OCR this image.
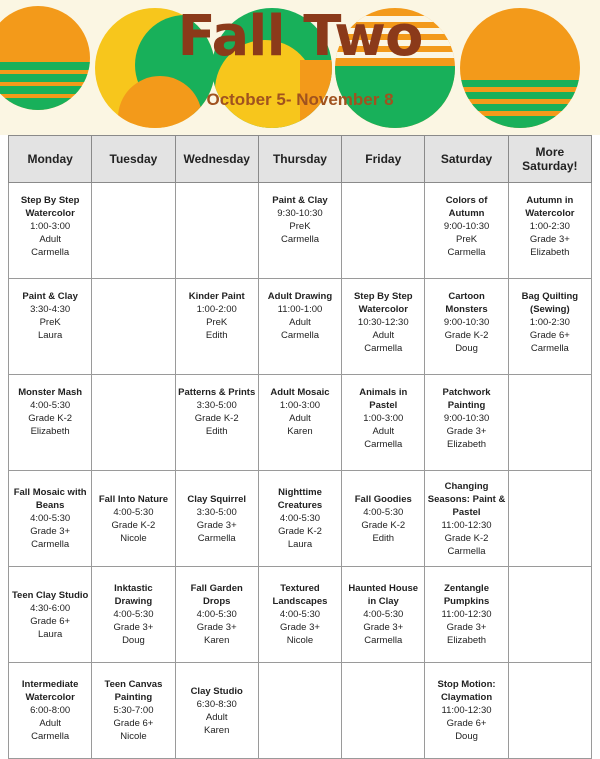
Fall Two

October 5- November 8

Monday	Tuesday	Wednesday	Thursday	Friday	Saturday	More Saturday!

Step By Step Watercolor
1:00-3:00
Adult
Carmella			Paint & Clay
9:30-10:30
PreK
Carmella		Colors of Autumn
9:00-10:30
PreK
Carmella	Autumn in Watercolor
1:00-2:30
Grade 3+
Elizabeth

Paint & Clay
3:30-4:30
PreK
Laura		Kinder Paint
1:00-2:00
PreK
Edith	Adult Drawing
11:00-1:00
Adult
Carmella	Step By Step Watercolor
10:30-12:30
Adult
Carmella	Cartoon Monsters
9:00-10:30
Grade K-2
Doug	Bag Quilting (Sewing)
1:00-2:30
Grade 6+
Carmella

Monster Mash
4:00-5:30
Grade K-2
Elizabeth		Patterns & Prints
3:30-5:00
Grade K-2
Edith	Adult Mosaic
1:00-3:00
Adult
Karen	Animals in Pastel
1:00-3:00
Adult
Carmella	Patchwork Painting
9:00-10:30
Grade 3+
Elizabeth	

Fall Mosaic with Beans
4:00-5:30
Grade 3+
Carmella	Fall Into Nature
4:00-5:30
Grade K-2
Nicole	Clay Squirrel
3:30-5:00
Grade 3+
Carmella	Nighttime Creatures
4:00-5:30
Grade K-2
Laura	Fall Goodies
4:00-5:30
Grade K-2
Edith	Changing Seasons: Paint & Pastel
11:00-12:30
Grade K-2
Carmella	

Teen Clay Studio
4:30-6:00
Grade 6+
Laura	Inktastic Drawing
4:00-5:30
Grade 3+
Doug	Fall Garden Drops
4:00-5:30
Grade 3+
Karen	Textured Landscapes
4:00-5:30
Grade 3+
Nicole	Haunted House in Clay
4:00-5:30
Grade 3+
Carmella	Zentangle Pumpkins
11:00-12:30
Grade 3+
Elizabeth	

Intermediate Watercolor
6:00-8:00
Adult
Carmella	Teen Canvas Painting
5:30-7:00
Grade 6+
Nicole	Clay Studio
6:30-8:30
Adult
Karen			Stop Motion: Claymation
11:00-12:30
Grade 6+
Doug	
